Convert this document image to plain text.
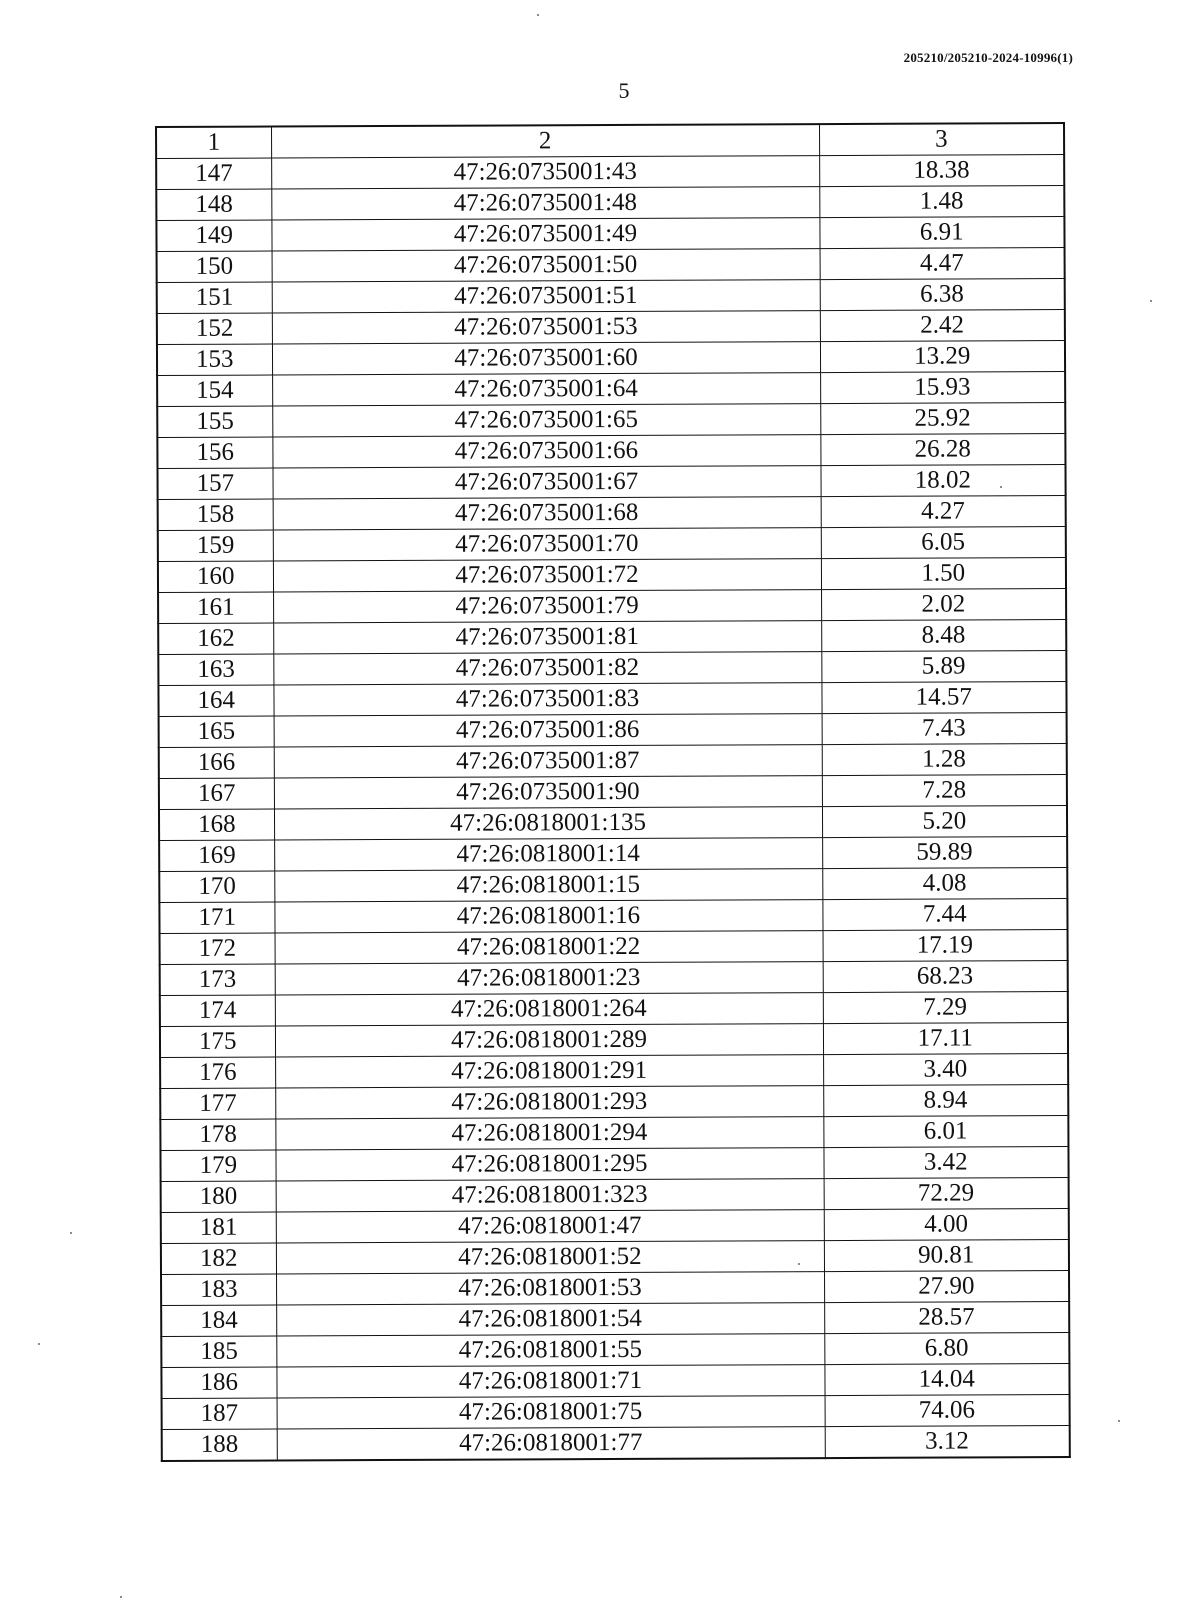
205210/205210-2024-10996(1)
5
1	2	3
147	47:26:0735001:43	18.38
148	47:26:0735001:48	1.48
149	47:26:0735001:49	6.91
150	47:26:0735001:50	4.47
151	47:26:0735001:51	6.38
152	47:26:0735001:53	2.42
153	47:26:0735001:60	13.29
154	47:26:0735001:64	15.93
155	47:26:0735001:65	25.92
156	47:26:0735001:66	26.28
157	47:26:0735001:67	18.02
158	47:26:0735001:68	4.27
159	47:26:0735001:70	6.05
160	47:26:0735001:72	1.50
161	47:26:0735001:79	2.02
162	47:26:0735001:81	8.48
163	47:26:0735001:82	5.89
164	47:26:0735001:83	14.57
165	47:26:0735001:86	7.43
166	47:26:0735001:87	1.28
167	47:26:0735001:90	7.28
168	47:26:0818001:135	5.20
169	47:26:0818001:14	59.89
170	47:26:0818001:15	4.08
171	47:26:0818001:16	7.44
172	47:26:0818001:22	17.19
173	47:26:0818001:23	68.23
174	47:26:0818001:264	7.29
175	47:26:0818001:289	17.11
176	47:26:0818001:291	3.40
177	47:26:0818001:293	8.94
178	47:26:0818001:294	6.01
179	47:26:0818001:295	3.42
180	47:26:0818001:323	72.29
181	47:26:0818001:47	4.00
182	47:26:0818001:52	90.81
183	47:26:0818001:53	27.90
184	47:26:0818001:54	28.57
185	47:26:0818001:55	6.80
186	47:26:0818001:71	14.04
187	47:26:0818001:75	74.06
188	47:26:0818001:77	3.12
